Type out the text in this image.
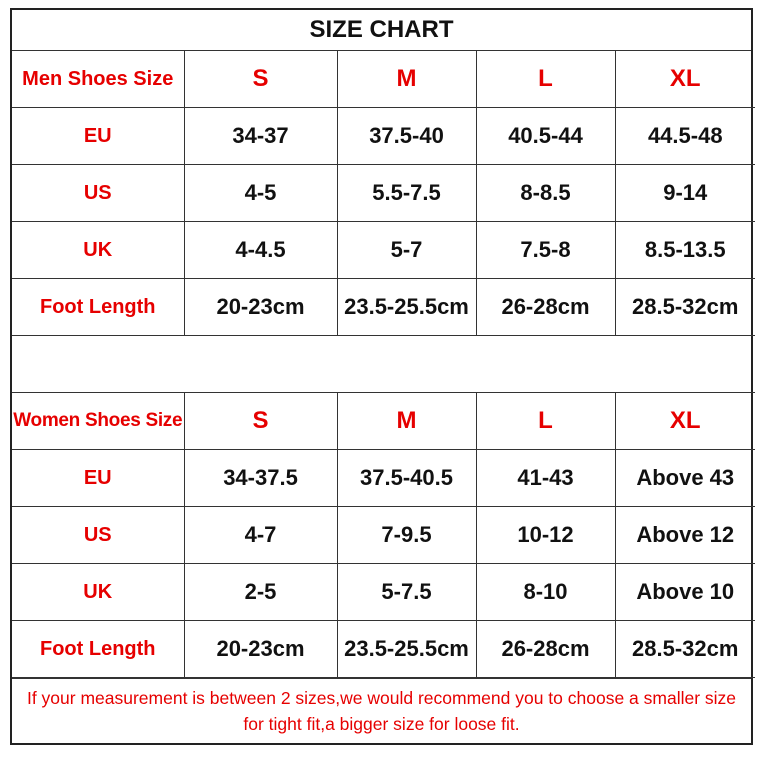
SIZE CHART
Men Shoes Size	S	M	L	XL
EU	34-37	37.5-40	40.5-44	44.5-48
US	4-5	5.5-7.5	8-8.5	9-14
UK	4-4.5	5-7	7.5-8	8.5-13.5
Foot Length	20-23cm	23.5-25.5cm	26-28cm	28.5-32cm

Women Shoes Size	S	M	L	XL
EU	34-37.5	37.5-40.5	41-43	Above 43
US	4-7	7-9.5	10-12	Above 12
UK	2-5	5-7.5	8-10	Above 10
Foot Length	20-23cm	23.5-25.5cm	26-28cm	28.5-32cm
If your measurement is between 2 sizes,we would recommend you to choose a smaller size for tight fit,a bigger size for loose fit.
